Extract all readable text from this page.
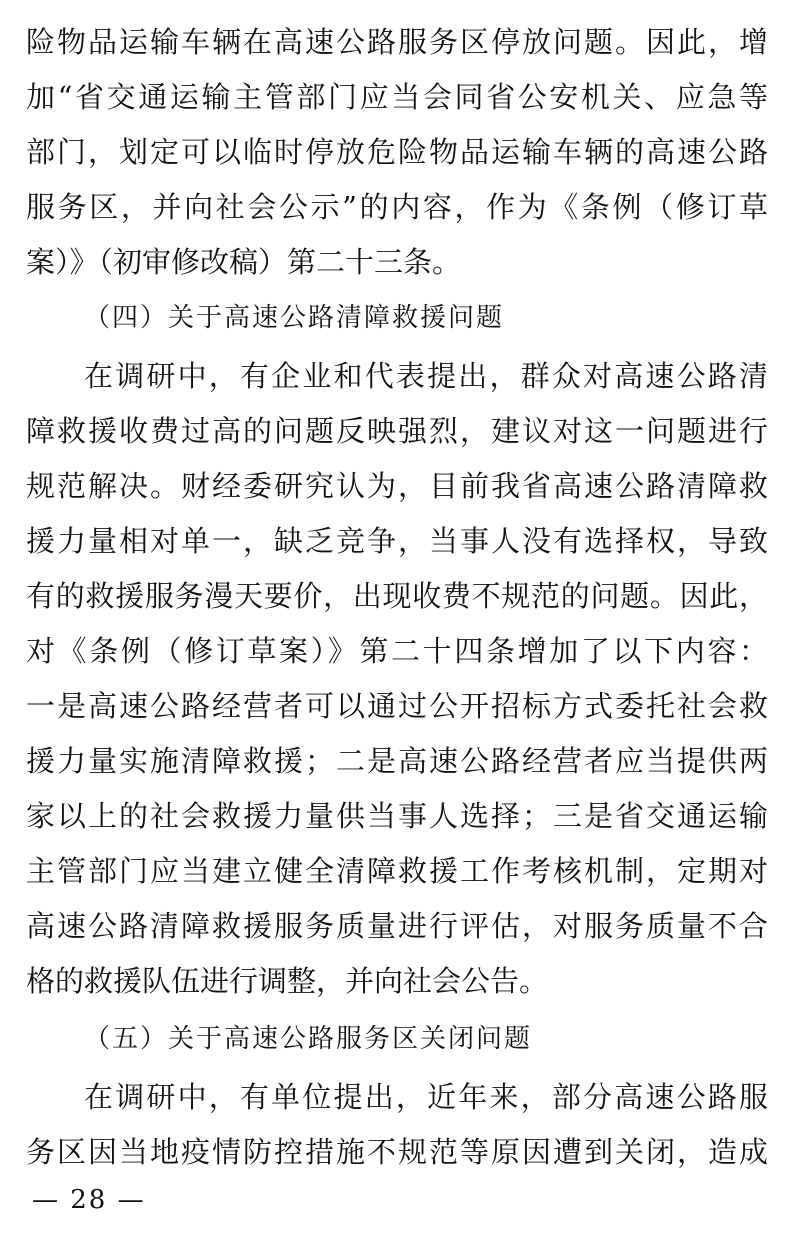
险物品运输车辆在高速公路服务区停放问题。因此，增
加“省交通运输主管部门应当会同省公安机关、应急等
部门，划定可以临时停放危险物品运输车辆的高速公路
服务区，并向社会公示”的内容，作为《条例（修订草
案）》（初审修改稿）第二十三条。
（四）关于高速公路清障救援问题
在调研中，有企业和代表提出，群众对高速公路清
障救援收费过高的问题反映强烈，建议对这一问题进行
规范解决。财经委研究认为，目前我省高速公路清障救
援力量相对单一，缺乏竞争，当事人没有选择权，导致
有的救援服务漫天要价，出现收费不规范的问题。因此，
对《条例（修订草案）》第二十四条增加了以下内容：
一是高速公路经营者可以通过公开招标方式委托社会救
援力量实施清障救援；二是高速公路经营者应当提供两
家以上的社会救援力量供当事人选择；三是省交通运输
主管部门应当建立健全清障救援工作考核机制，定期对
高速公路清障救援服务质量进行评估，对服务质量不合
格的救援队伍进行调整，并向社会公告。
（五）关于高速公路服务区关闭问题
在调研中，有单位提出，近年来，部分高速公路服
务区因当地疫情防控措施不规范等原因遭到关闭，造成
— 28 —
